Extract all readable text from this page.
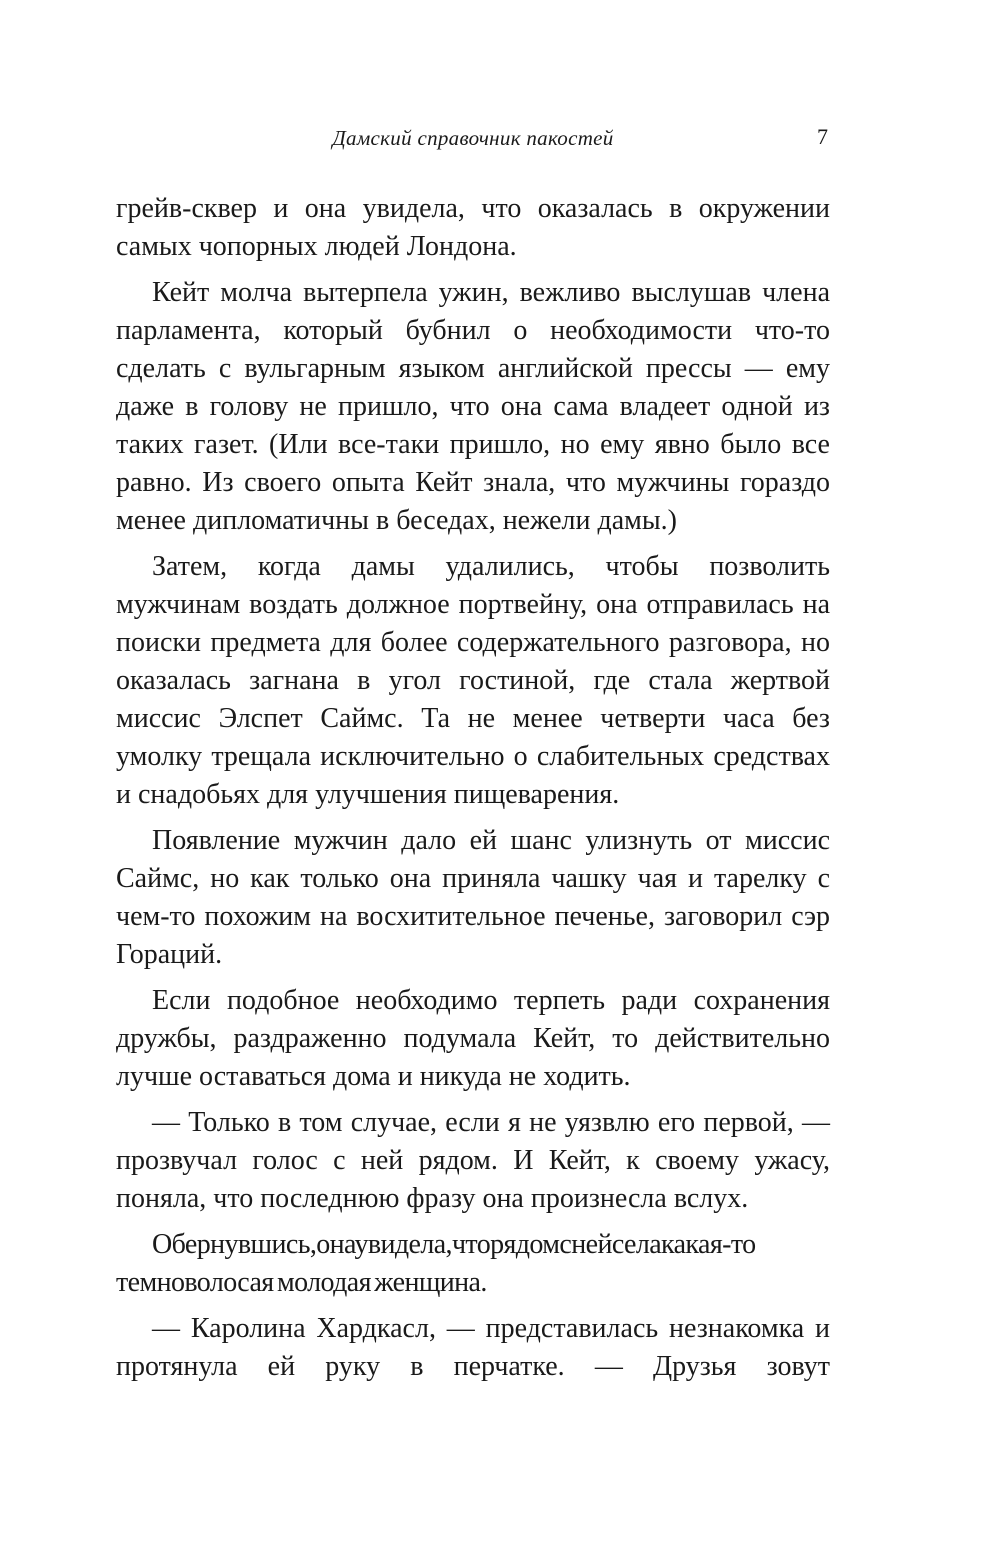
Дамский справочник пакостей	7

грейв-сквер и она увидела, что оказалась в окружении самых чопорных людей Лондона.

Кейт молча вытерпела ужин, вежливо выслушав члена парламента, который бубнил о необходимости что-то сделать с вульгарным языком английской прессы — ему даже в голову не пришло, что она сама владеет одной из таких газет. (Или все-таки пришло, но ему явно было все равно. Из своего опыта Кейт знала, что мужчины гораздо менее дипломатичны в беседах, нежели дамы.)

Затем, когда дамы удалились, чтобы позволить мужчинам воздать должное портвейну, она отправилась на поиски предмета для более содержательного разговора, но оказалась загнана в угол гостиной, где стала жертвой миссис Элспет Саймс. Та не менее четверти часа без умолку трещала исключительно о слабительных средствах и снадобьях для улучшения пищеварения.

Появление мужчин дало ей шанс улизнуть от миссис Саймс, но как только она приняла чашку чая и тарелку с чем-то похожим на восхитительное печенье, заговорил сэр Гораций.

Если подобное необходимо терпеть ради сохранения дружбы, раздраженно подумала Кейт, то действительно лучше оставаться дома и никуда не ходить.

— Только в том случае, если я не уязвлю его первой, — прозвучал голос с ней рядом. И Кейт, к своему ужасу, поняла, что последнюю фразу она произнесла вслух.

Обернувшись,онаувидела,чторядомснейселакакая-то темноволосая молодая женщина.

— Каролина Хардкасл, — представилась незнакомка и протянула ей руку в перчатке. — Друзья зовут
